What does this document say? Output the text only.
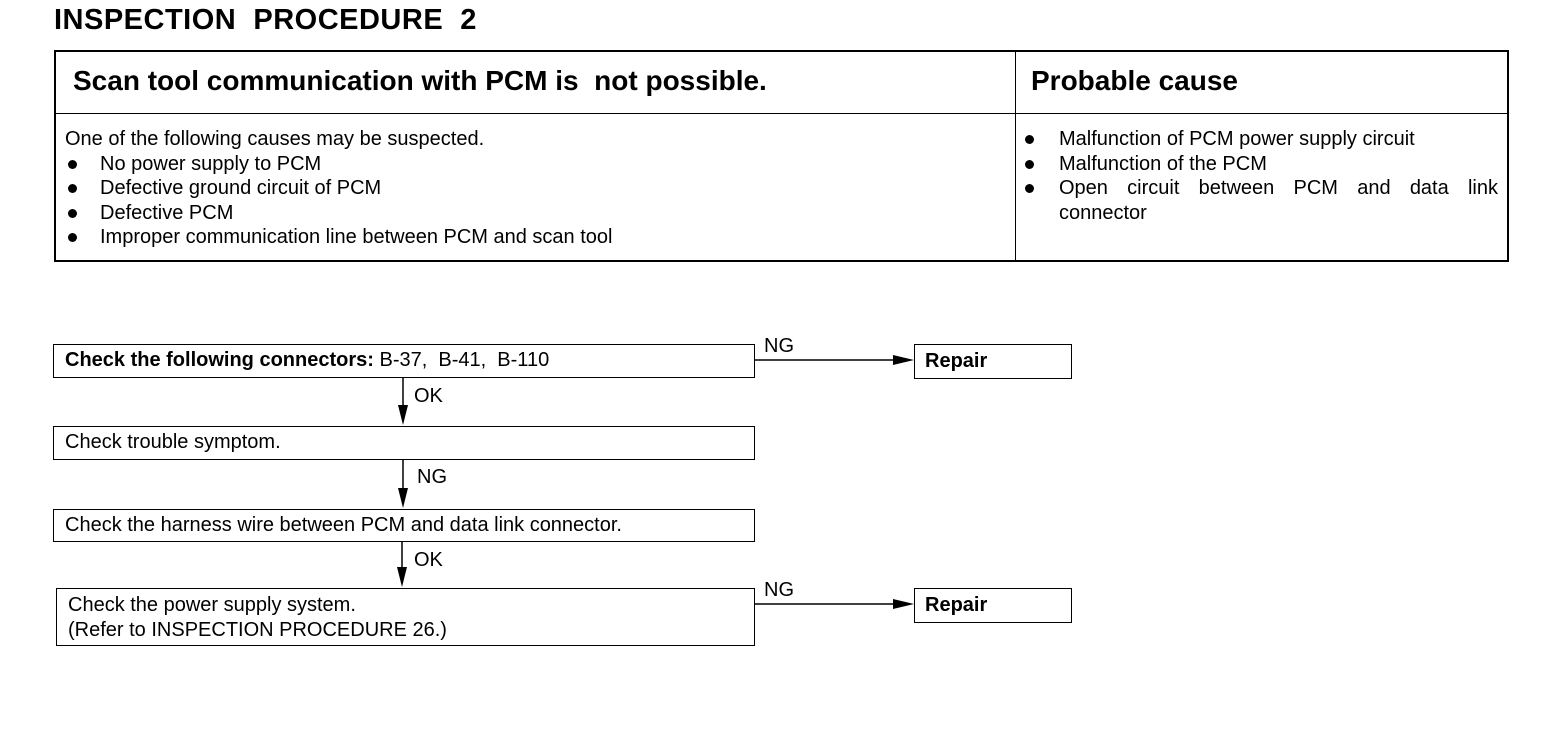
INSPECTION  PROCEDURE  2
Scan tool communication with PCM is  not possible.	Probable cause
One of the following causes may be suspected.
No power supply to PCM
Defective ground circuit of PCM
Defective PCM
Improper communication line between PCM and scan tool
Malfunction of PCM power supply circuit
Malfunction of the PCM
Open circuit between PCM and data link connector
Check the following connectors: B-37,  B-41,  B-110	Repair
Check trouble symptom.
Check the harness wire between PCM and data link connector.
Check the power supply system.
(Refer to INSPECTION PROCEDURE 26.)
Repair
NG
OK
NG
OK
NG
